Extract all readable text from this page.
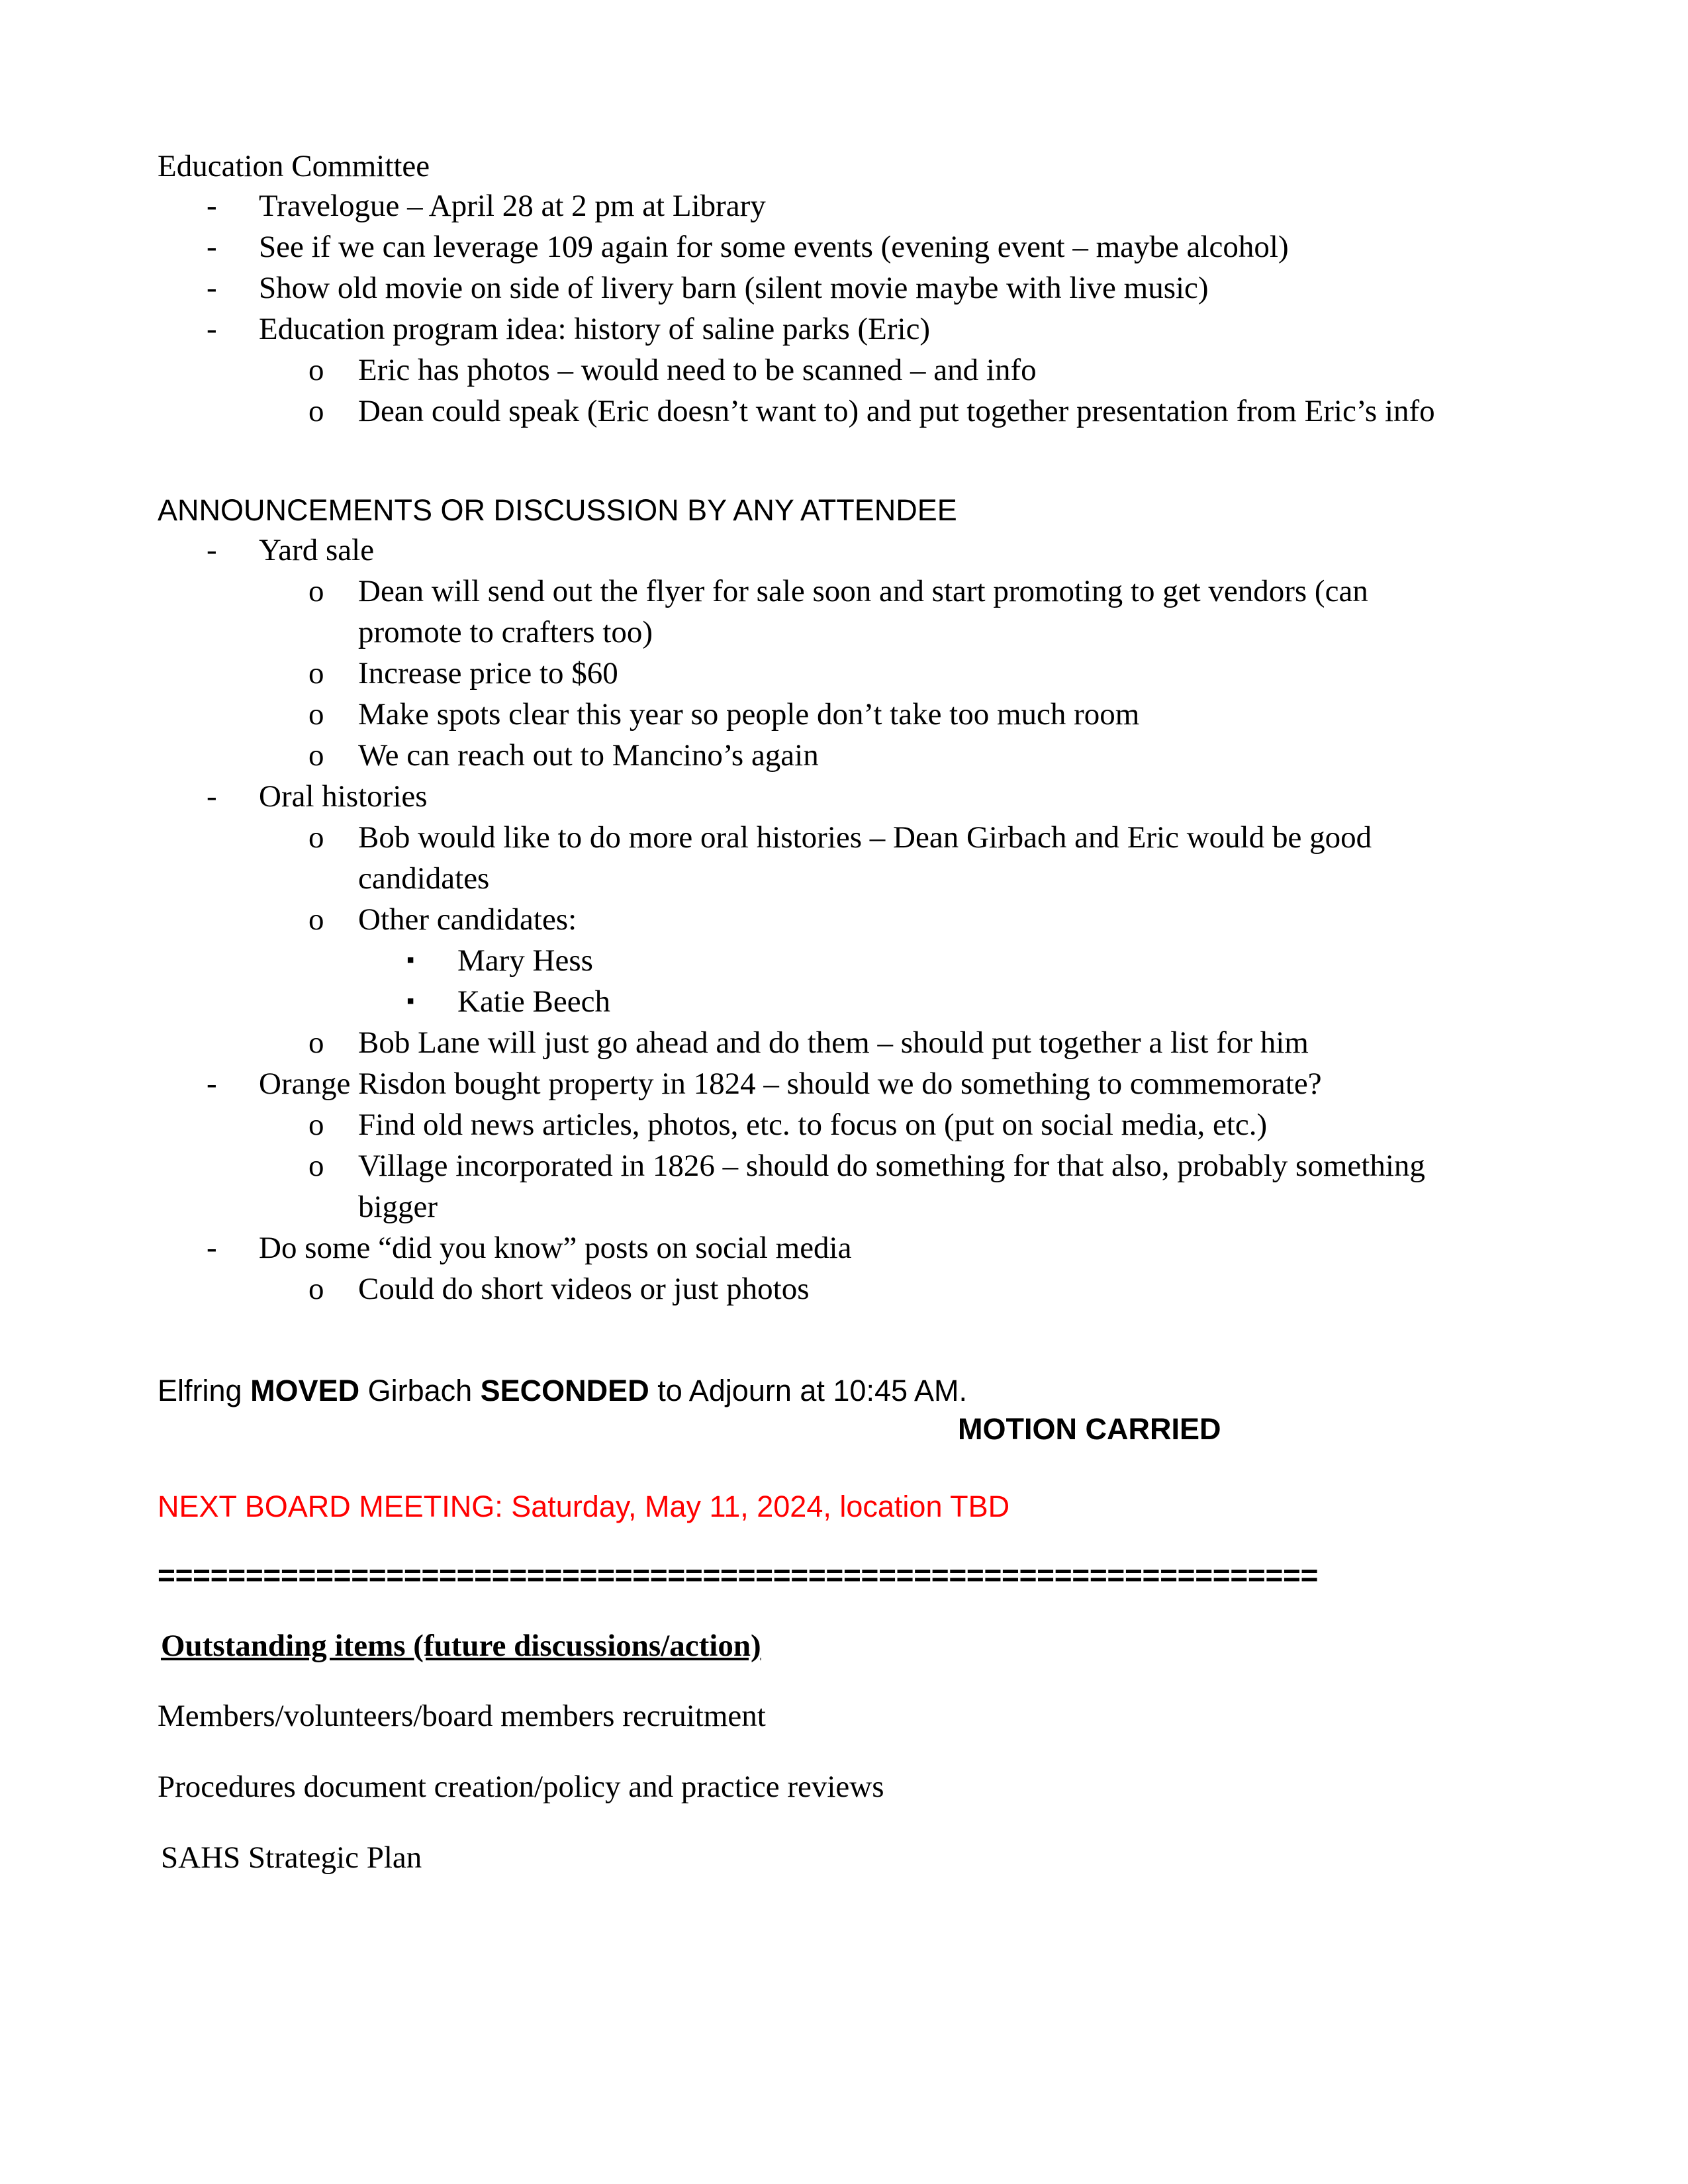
Education Committee
- Travelogue – April 28 at 2 pm at Library
- See if we can leverage 109 again for some events (evening event – maybe alcohol)
- Show old movie on side of livery barn (silent movie maybe with live music)
- Education program idea: history of saline parks (Eric)
o Eric has photos – would need to be scanned – and info
o Dean could speak (Eric doesn’t want to) and put together presentation from Eric’s info
ANNOUNCEMENTS OR DISCUSSION BY ANY ATTENDEE
- Yard sale
o Dean will send out the flyer for sale soon and start promoting to get vendors (can
promote to crafters too)
o Increase price to $60
o Make spots clear this year so people don’t take too much room
o We can reach out to Mancino’s again
- Oral histories
o Bob would like to do more oral histories – Dean Girbach and Eric would be good
candidates
o Other candidates:
▪ Mary Hess
▪ Katie Beech
o Bob Lane will just go ahead and do them – should put together a list for him
- Orange Risdon bought property in 1824 – should we do something to commemorate?
o Find old news articles, photos, etc. to focus on (put on social media, etc.)
o Village incorporated in 1826 – should do something for that also, probably something
bigger
- Do some “did you know” posts on social media
o Could do short videos or just photos
Elfring MOVED Girbach SECONDED to Adjourn at 10:45 AM.
MOTION CARRIED
NEXT BOARD MEETING: Saturday, May 11, 2024, location TBD
==================================================================
Outstanding items (future discussions/action)
Members/volunteers/board members recruitment
Procedures document creation/policy and practice reviews
SAHS Strategic Plan
